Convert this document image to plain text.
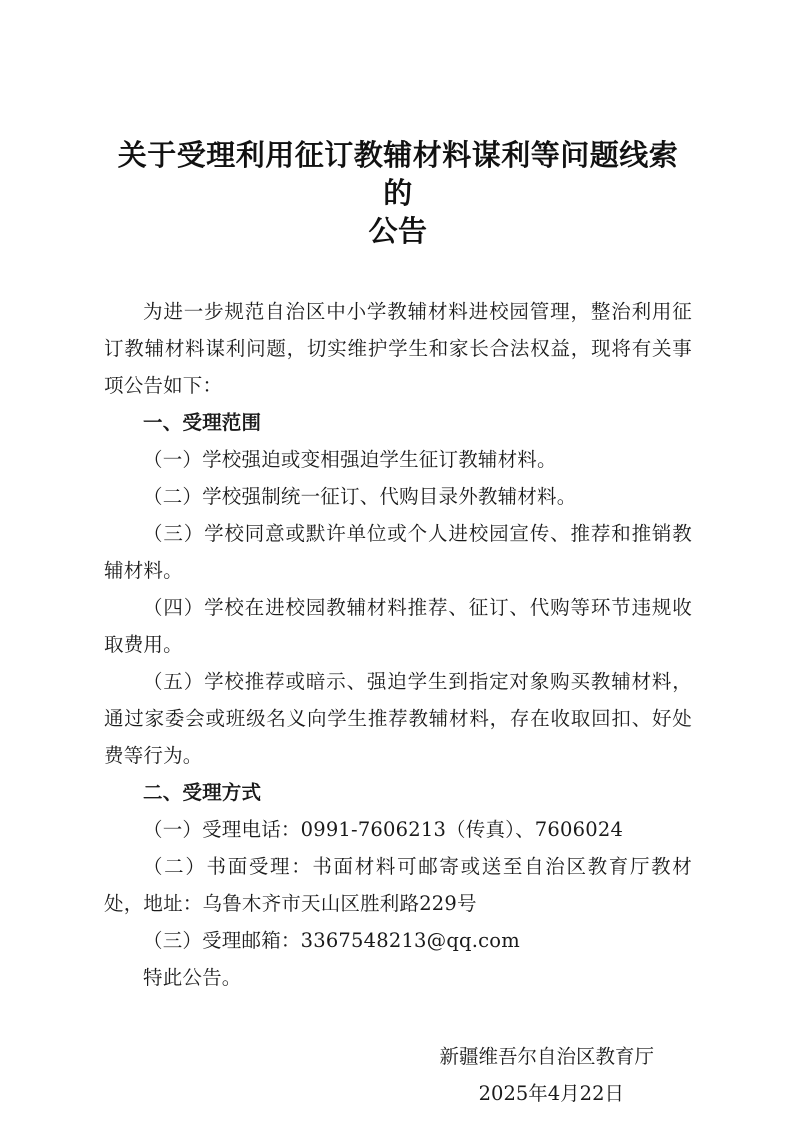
关于受理利用征订教辅材料谋利等问题线索的
公告

为进一步规范自治区中小学教辅材料进校园管理，整治利用征订教辅材料谋利问题，切实维护学生和家长合法权益，现将有关事项公告如下：

一、受理范围

（一）学校强迫或变相强迫学生征订教辅材料。

（二）学校强制统一征订、代购目录外教辅材料。

（三）学校同意或默许单位或个人进校园宣传、推荐和推销教辅材料。

（四）学校在进校园教辅材料推荐、征订、代购等环节违规收取费用。

（五）学校推荐或暗示、强迫学生到指定对象购买教辅材料，通过家委会或班级名义向学生推荐教辅材料，存在收取回扣、好处费等行为。

二、受理方式

（一）受理电话：0991-7606213（传真）、7606024

（二）书面受理：书面材料可邮寄或送至自治区教育厅教材处，地址：乌鲁木齐市天山区胜利路229号

（三）受理邮箱：3367548213@qq.com

特此公告。

新疆维吾尔自治区教育厅
2025年4月22日
